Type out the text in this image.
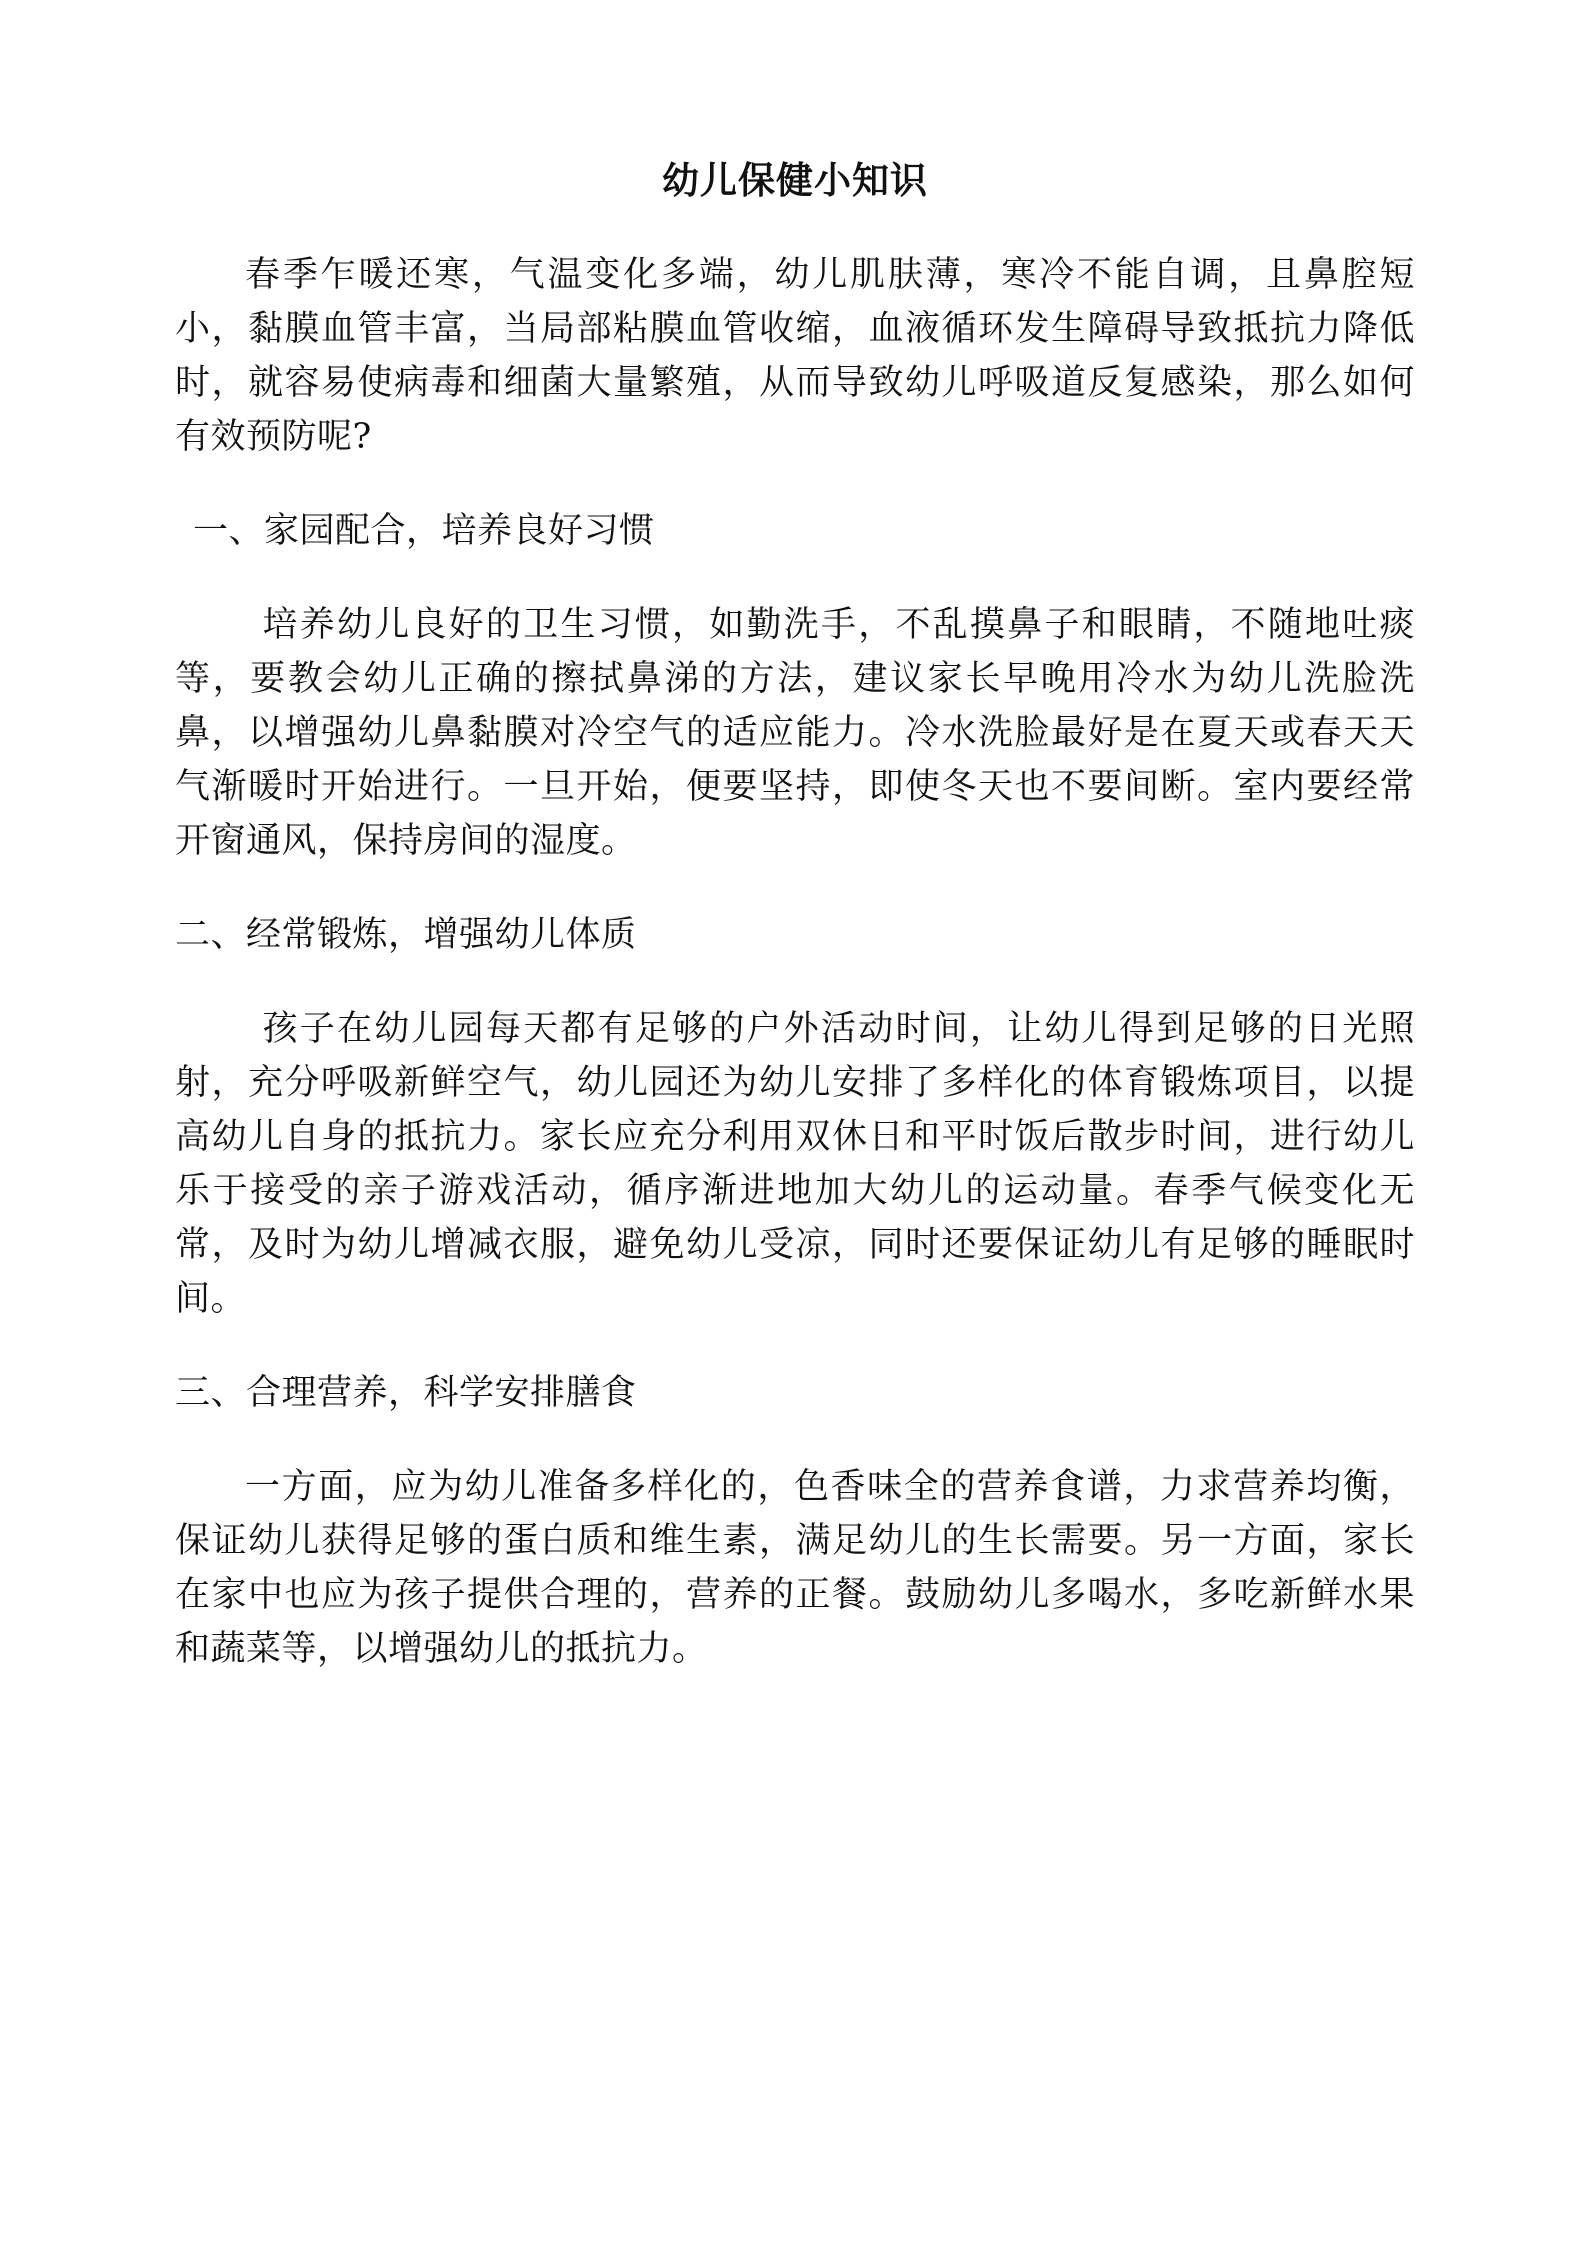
幼儿保健小知识

春季乍暖还寒，气温变化多端，幼儿肌肤薄，寒冷不能自调，且鼻腔短小，黏膜血管丰富，当局部粘膜血管收缩，血液循环发生障碍导致抵抗力降低时，就容易使病毒和细菌大量繁殖，从而导致幼儿呼吸道反复感染，那么如何有效预防呢?

一、家园配合，培养良好习惯

培养幼儿良好的卫生习惯，如勤洗手，不乱摸鼻子和眼睛，不随地吐痰等，要教会幼儿正确的擦拭鼻涕的方法，建议家长早晚用冷水为幼儿洗脸洗鼻，以增强幼儿鼻黏膜对冷空气的适应能力。冷水洗脸最好是在夏天或春天天气渐暖时开始进行。一旦开始，便要坚持，即使冬天也不要间断。室内要经常开窗通风，保持房间的湿度。

二、经常锻炼，增强幼儿体质

孩子在幼儿园每天都有足够的户外活动时间，让幼儿得到足够的日光照射，充分呼吸新鲜空气，幼儿园还为幼儿安排了多样化的体育锻炼项目，以提高幼儿自身的抵抗力。家长应充分利用双休日和平时饭后散步时间，进行幼儿乐于接受的亲子游戏活动，循序渐进地加大幼儿的运动量。春季气候变化无常，及时为幼儿增减衣服，避免幼儿受凉，同时还要保证幼儿有足够的睡眠时间。

三、合理营养，科学安排膳食

一方面，应为幼儿准备多样化的，色香味全的营养食谱，力求营养均衡，保证幼儿获得足够的蛋白质和维生素，满足幼儿的生长需要。另一方面，家长在家中也应为孩子提供合理的，营养的正餐。鼓励幼儿多喝水，多吃新鲜水果和蔬菜等，以增强幼儿的抵抗力。
